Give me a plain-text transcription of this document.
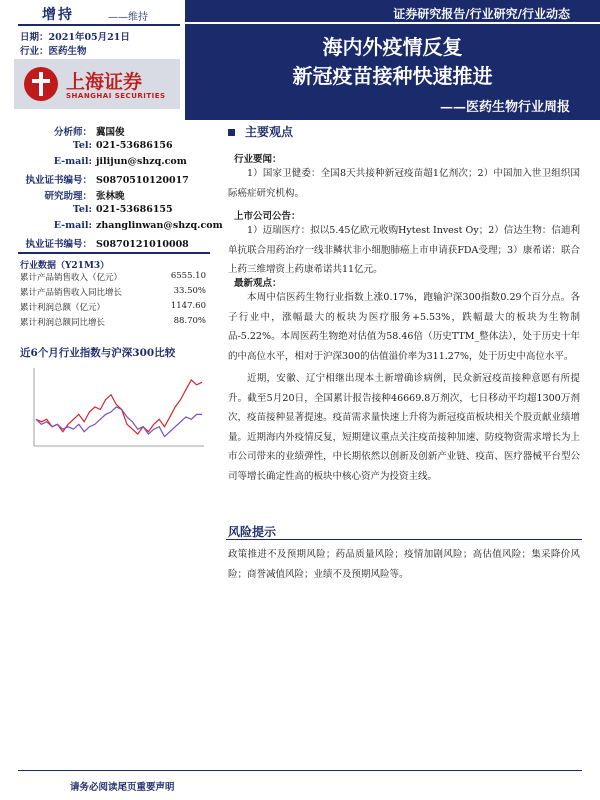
增持	——维持
日期：2021年05月21日
行业：医药生物
上海证券
SHANGHAI SECURITIES
证券研究报告/行业研究/行业动态
海内外疫情反复
新冠疫苗接种快速推进
——医药生物行业周报
分析师： 冀国俊
Tel: 021-53686156
E-mail: jilijun@shzq.com
执业证书编号： S0870510120017
研究助理： 张林晚
Tel: 021-53686155
E-mail: zhanglinwan@shzq.com
执业证书编号： S0870121010008
行业数据（Y21M3）
累计产品销售收入（亿元）	6555.10
累计产品销售收入同比增长	33.50%
累计利润总额（亿元）	1147.60
累计利润总额同比增长	88.70%
近6个月行业指数与沪深300比较
主要观点
行业要闻：
1）国家卫健委：全国8天共接种新冠疫苗超1亿剂次；2）中国加入世卫组织国际癌症研究机构。
上市公司公告：
1）迈瑞医疗：拟以5.45亿欧元收购Hytest Invest Oy；2）信达生物：信迪利单抗联合用药治疗一线非鳞状非小细胞肺癌上市申请获FDA受理；3）康希诺：联合上药三维增资上药康希诺共11亿元。
最新观点：
本周中信医药生物行业指数上涨0.17%，跑输沪深300指数0.29个百分点。各子行业中，涨幅最大的板块为医疗服务+5.53%，跌幅最大的板块为生物制品-5.22%。本周医药生物绝对估值为58.46倍（历史TTM_整体法），处于历史十年的中高位水平，相对于沪深300的估值溢价率为311.27%，处于历史中高位水平。
近期，安徽、辽宁相继出现本土新增确诊病例，民众新冠疫苗接种意愿有所提升。截至5月20日，全国累计报告接种46669.8万剂次，七日移动平均超1300万剂次，疫苗接种显著提速。疫苗需求量快速上升将为新冠疫苗板块相关个股贡献业绩增量。近期海内外疫情反复，短期建议重点关注疫苗接种加速、防疫物资需求增长为上市公司带来的业绩弹性，中长期依然以创新及创新产业链、疫苗、医疗器械平台型公司等增长确定性高的板块中核心资产为投资主线。
风险提示
政策推进不及预期风险；药品质量风险；疫情加剧风险；高估值风险；集采降价风险；商誉减值风险；业绩不及预期风险等。
请务必阅读尾页重要声明
